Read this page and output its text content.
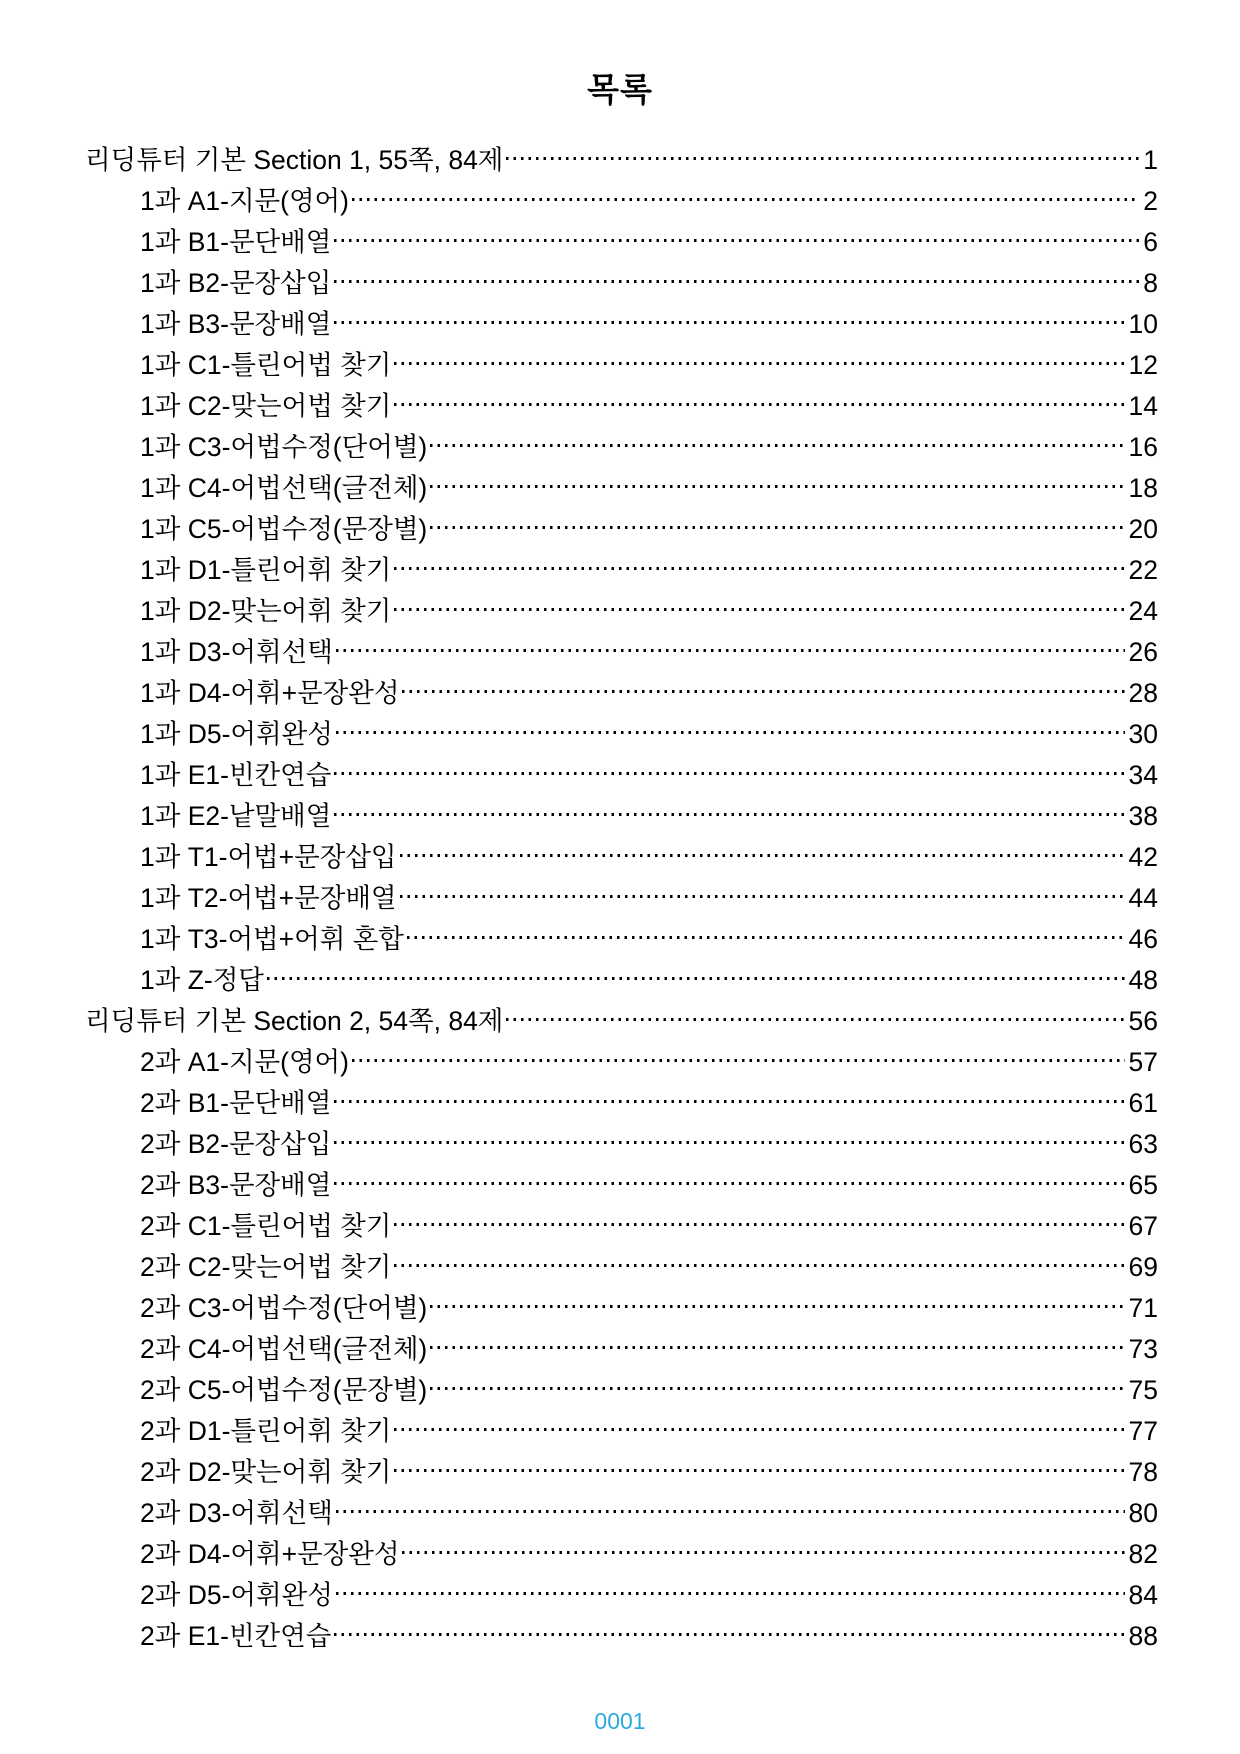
목록
리딩튜터 기본 Section 1, 55쪽, 84제	1
1과 A1-지문(영어)	2
1과 B1-문단배열	6
1과 B2-문장삽입	8
1과 B3-문장배열	10
1과 C1-틀린어법 찾기	12
1과 C2-맞는어법 찾기	14
1과 C3-어법수정(단어별)	16
1과 C4-어법선택(글전체)	18
1과 C5-어법수정(문장별)	20
1과 D1-틀린어휘 찾기	22
1과 D2-맞는어휘 찾기	24
1과 D3-어휘선택	26
1과 D4-어휘+문장완성	28
1과 D5-어휘완성	30
1과 E1-빈칸연습	34
1과 E2-낱말배열	38
1과 T1-어법+문장삽입	42
1과 T2-어법+문장배열	44
1과 T3-어법+어휘 혼합	46
1과 Z-정답	48
리딩튜터 기본 Section 2, 54쪽, 84제	56
2과 A1-지문(영어)	57
2과 B1-문단배열	61
2과 B2-문장삽입	63
2과 B3-문장배열	65
2과 C1-틀린어법 찾기	67
2과 C2-맞는어법 찾기	69
2과 C3-어법수정(단어별)	71
2과 C4-어법선택(글전체)	73
2과 C5-어법수정(문장별)	75
2과 D1-틀린어휘 찾기	77
2과 D2-맞는어휘 찾기	78
2과 D3-어휘선택	80
2과 D4-어휘+문장완성	82
2과 D5-어휘완성	84
2과 E1-빈칸연습	88
0001
